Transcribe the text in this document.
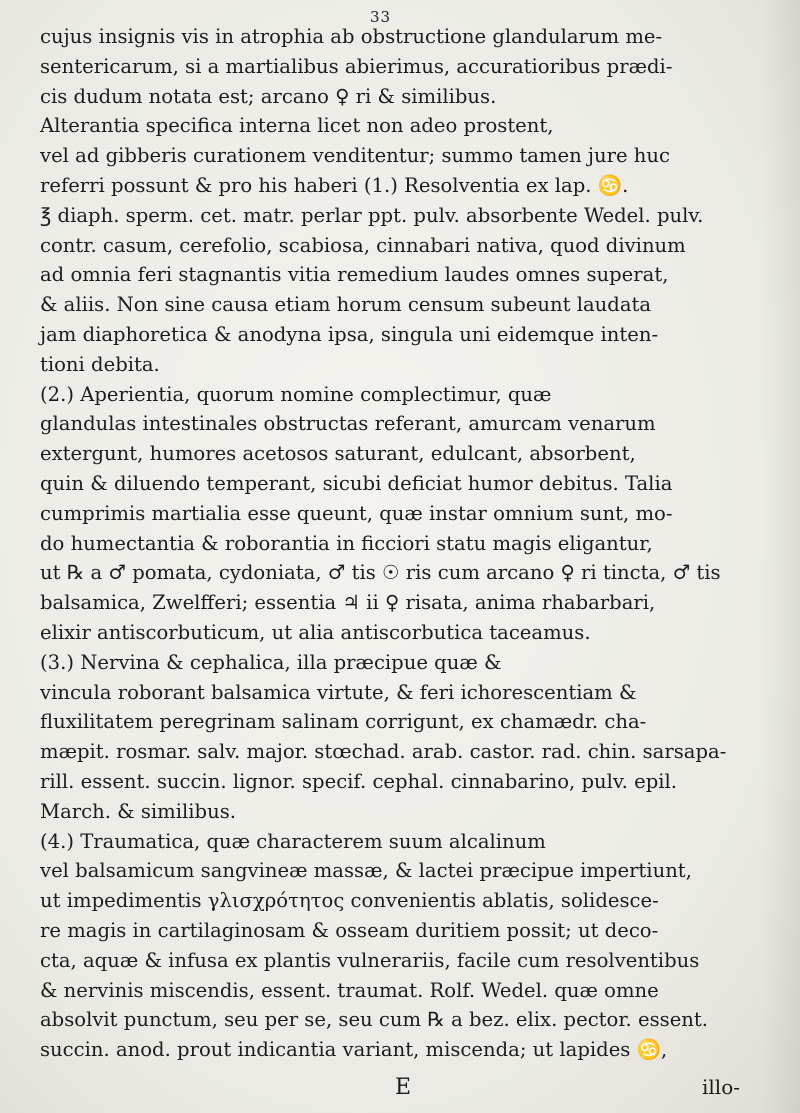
33
cujus insignis vis in atrophia ab obstructione glandularum me-
sentericarum, si a martialibus abierimus, accuratioribus prædi-
cis dudum notata est; arcano ♀ ri & similibus.
Alterantia specifica interna licet non adeo prostent,
vel ad gibberis curationem venditentur; summo tamen jure huc
referri possunt & pro his haberi (1.) Resolventia ex lap. ♋.
℥ diaph. sperm. cet. matr. perlar ppt. pulv. absorbente Wedel. pulv.
contr. casum, cerefolio, scabiosa, cinnabari nativa, quod divinum
ad omnia feri stagnantis vitia remedium laudes omnes superat,
& aliis. Non sine causa etiam horum censum subeunt laudata
jam diaphoretica & anodyna ipsa, singula uni eidemque inten-
tioni debita.
(2.) Aperientia, quorum nomine complectimur, quæ
glandulas intestinales obstructas referant, amurcam venarum
extergunt, humores acetosos saturant, edulcant, absorbent,
quin & diluendo temperant, sicubi deficiat humor debitus. Talia
cumprimis martialia esse queunt, quæ instar omnium sunt, mo-
do humectantia & roborantia in ficciori statu magis eligantur,
ut ℞ a ♂ pomata, cydoniata, ♂ tis ☉ ris cum arcano ♀ ri tincta, ♂ tis
balsamica, Zwelfferi; essentia ♃ ii ♀ risata, anima rhabarbari,
elixir antiscorbuticum, ut alia antiscorbutica taceamus.
(3.) Nervina & cephalica, illa præcipue quæ &
vincula roborant balsamica virtute, & feri ichorescentiam &
fluxilitatem peregrinam salinam corrigunt, ex chamædr. cha-
mæpit. rosmar. salv. major. stœchad. arab. castor. rad. chin. sarsapa-
rill. essent. succin. lignor. specif. cephal. cinnabarino, pulv. epil.
March. & similibus.
(4.) Traumatica, quæ characterem suum alcalinum
vel balsamicum sangvineæ massæ, & lactei præcipue impertiunt,
ut impedimentis γλισχρότητος convenientis ablatis, solidescе-
re magis in cartilaginosam & osseam duritiem possit; ut deco-
cta, aquæ & infusa ex plantis vulnerariis, facile cum resolventibus
& nervinis miscendis, essent. traumat. Rolf. Wedel. quæ omne
absolvit punctum, seu per se, seu cum ℞ a bez. elix. pector. essent.
succin. anod. prout indicantia variant, miscenda; ut lapides ♋,
E	illo-
